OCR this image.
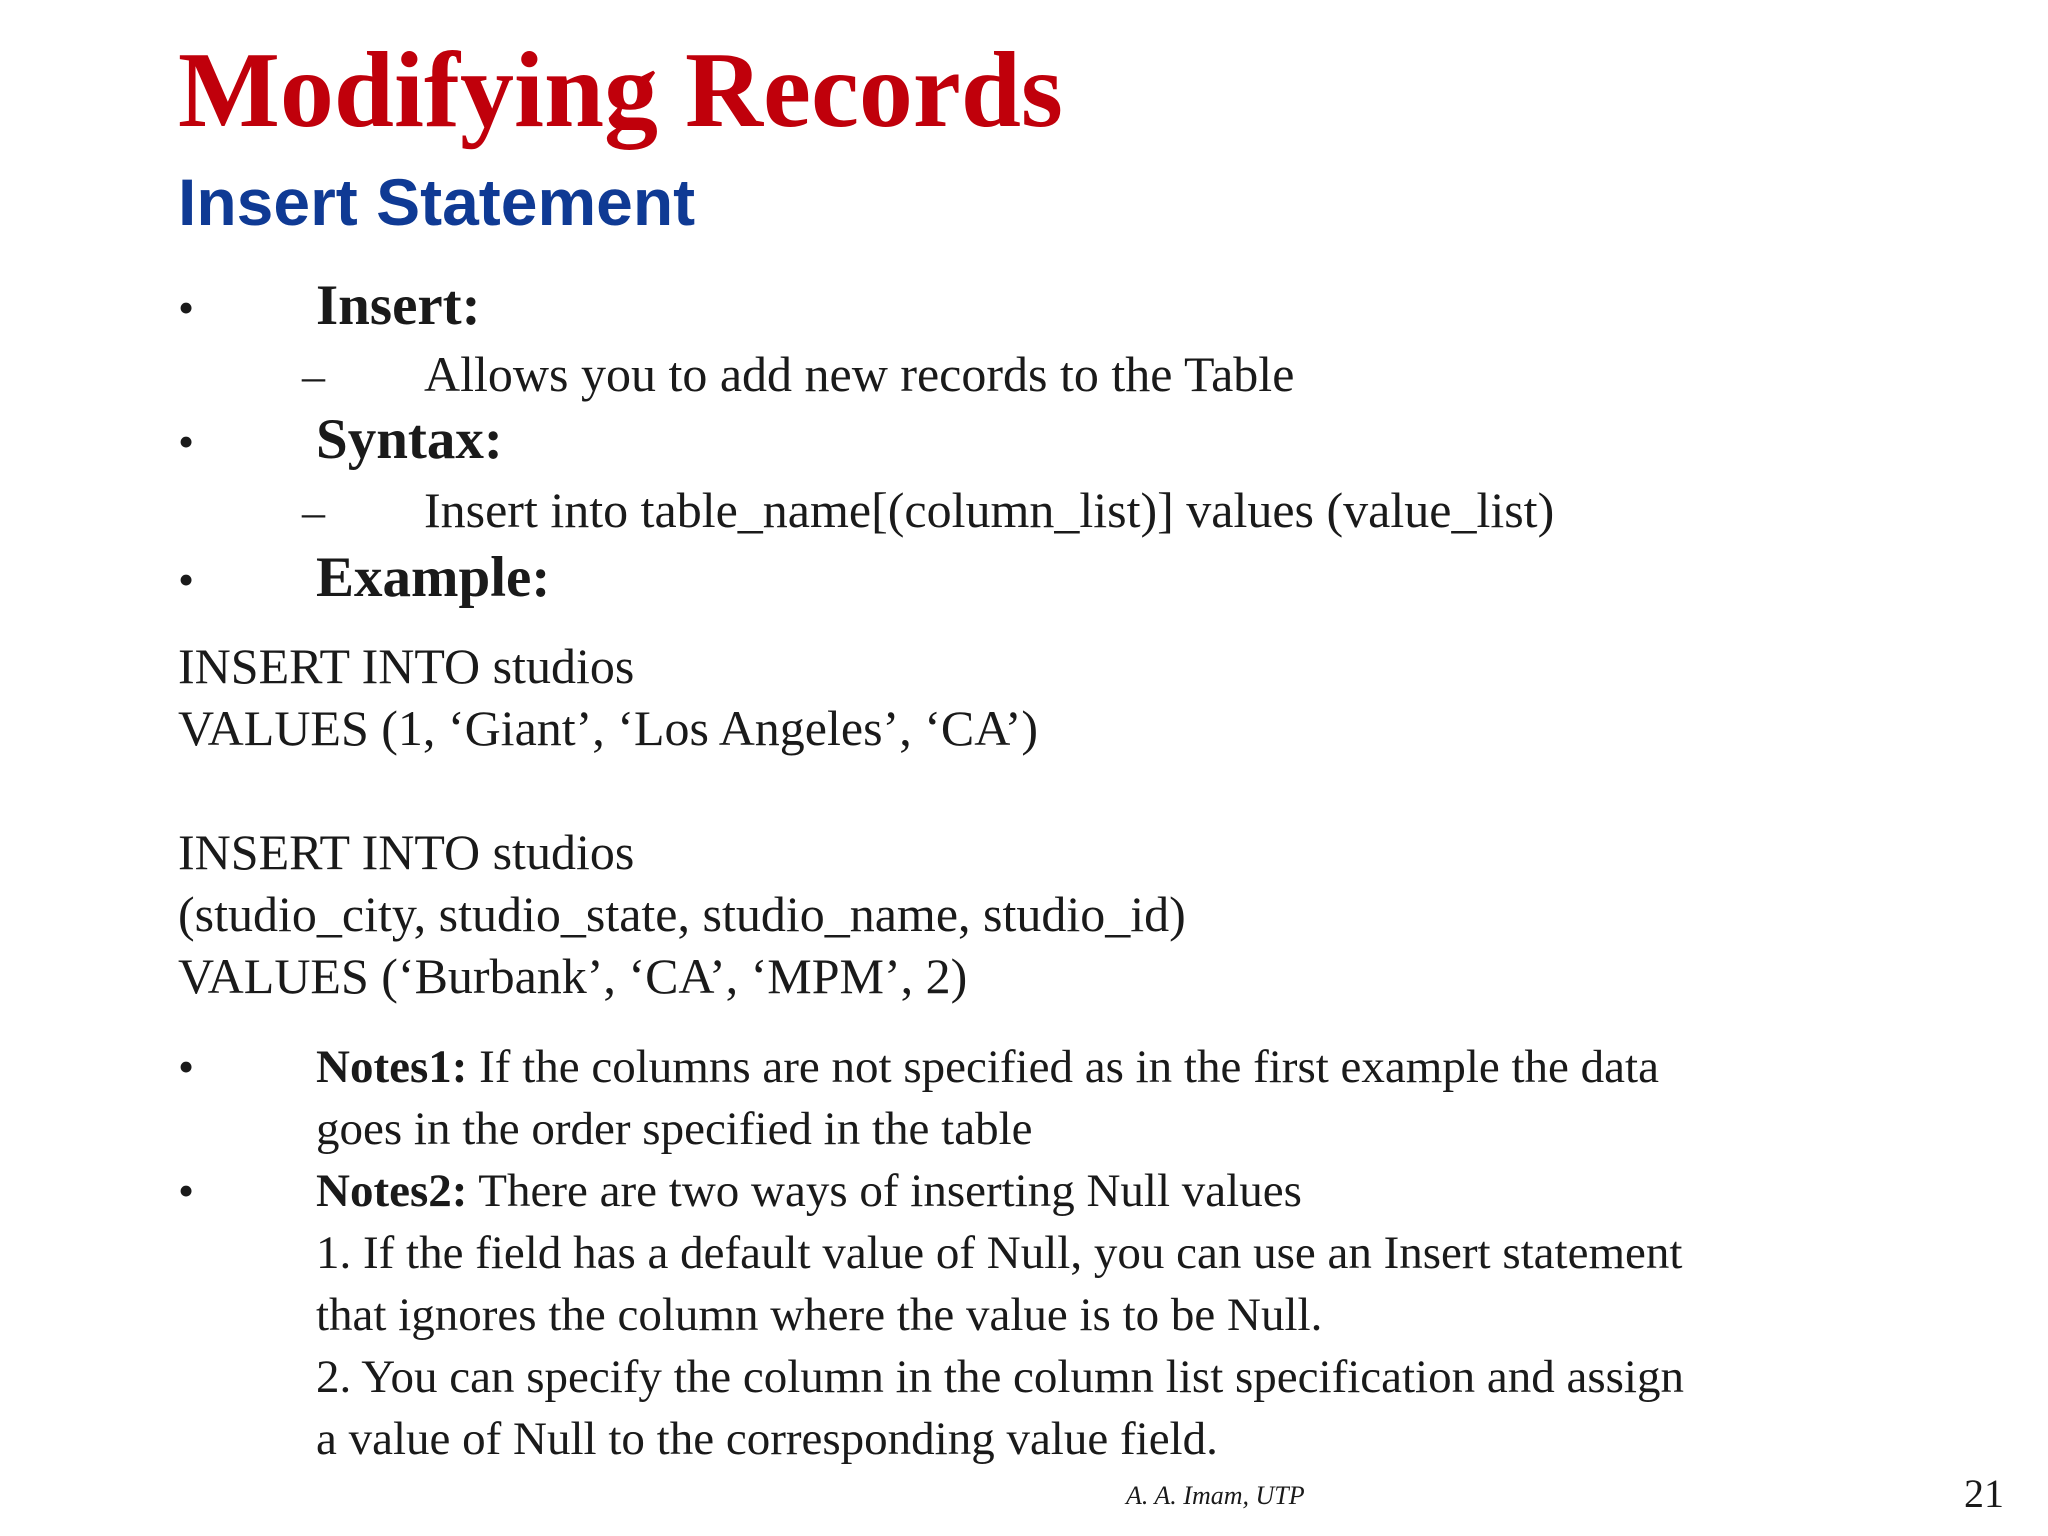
Modifying Records
Insert Statement
• Insert:
– Allows you to add new records to the Table
• Syntax:
– Insert into table_name[(column_list)] values (value_list)
• Example:
INSERT INTO studios
VALUES (1, ‘Giant’, ‘Los Angeles’, ‘CA’)
INSERT INTO studios
(studio_city, studio_state, studio_name, studio_id)
VALUES (‘Burbank’, ‘CA’, ‘MPM’, 2)
•	Notes1: If the columns are not specified as in the first example the data
goes in the order specified in the table
•	Notes2: There are two ways of inserting Null values
1. If the field has a default value of Null, you can use an Insert statement
that ignores the column where the value is to be Null.
2. You can specify the column in the column list specification and assign
a value of Null to the corresponding value field.
A. A. Imam, UTP	21
